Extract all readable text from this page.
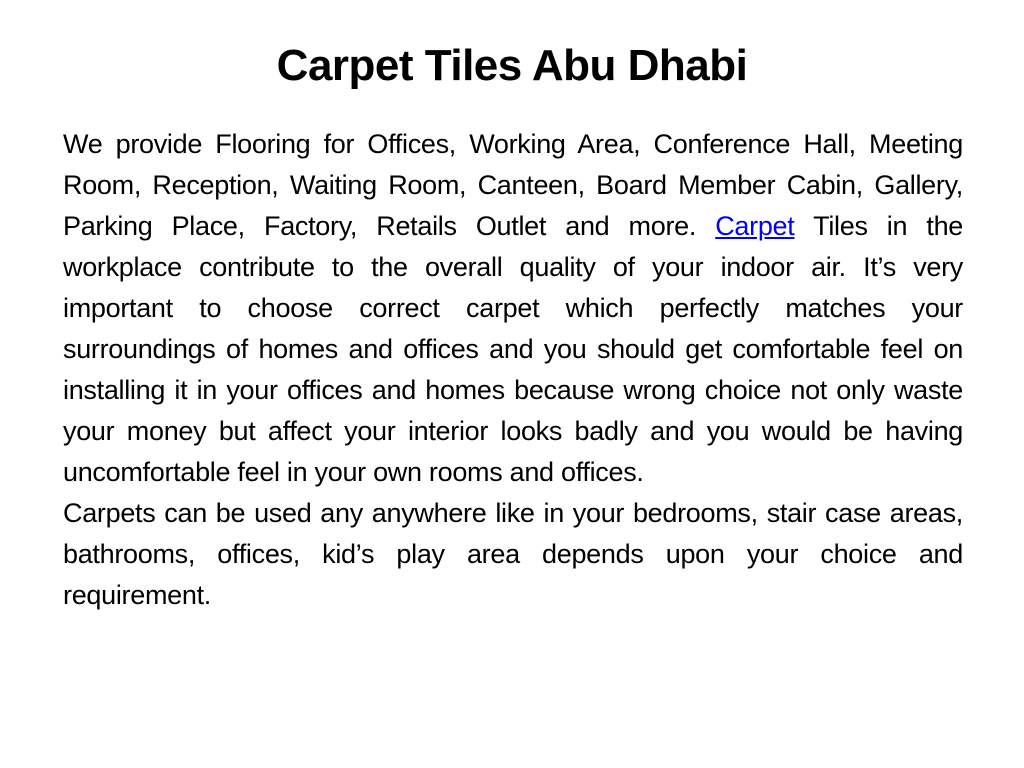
Carpet Tiles Abu Dhabi

We provide Flooring for Offices, Working Area, Conference Hall, Meeting Room, Reception, Waiting Room, Canteen, Board Member Cabin, Gallery, Parking Place, Factory, Retails Outlet and more. Carpet Tiles in the workplace contribute to the overall quality of your indoor air. It’s very important to choose correct carpet which perfectly matches your surroundings of homes and offices and you should get comfortable feel on installing it in your offices and homes because wrong choice not only waste your money but affect your interior looks badly and you would be having uncomfortable feel in your own rooms and offices.

Carpets can be used any anywhere like in your bedrooms, stair case areas, bathrooms, offices, kid’s play area depends upon your choice and requirement.
